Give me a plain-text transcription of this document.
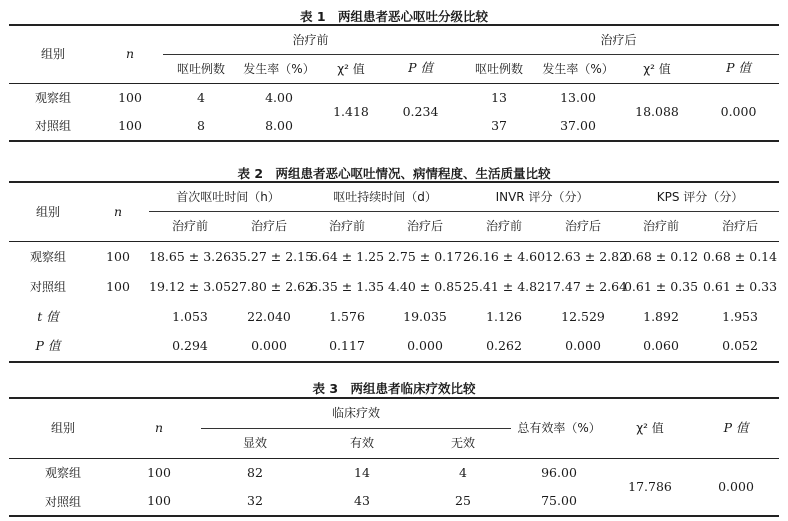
表 1　两组患者恶心呕吐分级比较
组别	n	治疗前				治疗后			
		呕吐例数	发生率（%）	χ² 值	P 值	呕吐例数	发生率（%）	χ² 值	P 值
观察组	100	4	4.00	1.418	0.234	13	13.00	18.088	0.000
对照组	100	8	8.00			37	37.00		
表 2　两组患者恶心呕吐情况、病情程度、生活质量比较
组别	n	首次呕吐时间（h）		呕吐持续时间（d）		INVR 评分（分）		KPS 评分（分）	
		治疗前	治疗后	治疗前	治疗后	治疗前	治疗后	治疗前	治疗后
观察组	100	18.65 ± 3.26	35.27 ± 2.15	6.64 ± 1.25	2.75 ± 0.17	26.16 ± 4.60	12.63 ± 2.82	0.68 ± 0.12	0.68 ± 0.14
对照组	100	19.12 ± 3.05	27.80 ± 2.62	6.35 ± 1.35	4.40 ± 0.85	25.41 ± 4.82	17.47 ± 2.64	0.61 ± 0.35	0.61 ± 0.33
t 值		1.053	22.040	1.576	19.035	1.126	12.529	1.892	1.953
P 值		0.294	0.000	0.117	0.000	0.262	0.000	0.060	0.052
表 3　两组患者临床疗效比较
组别	n	临床疗效			总有效率（%）	χ² 值	P 值
		显效	有效	无效			
观察组	100	82	14	4	96.00	17.786	0.000
对照组	100	32	43	25	75.00		
